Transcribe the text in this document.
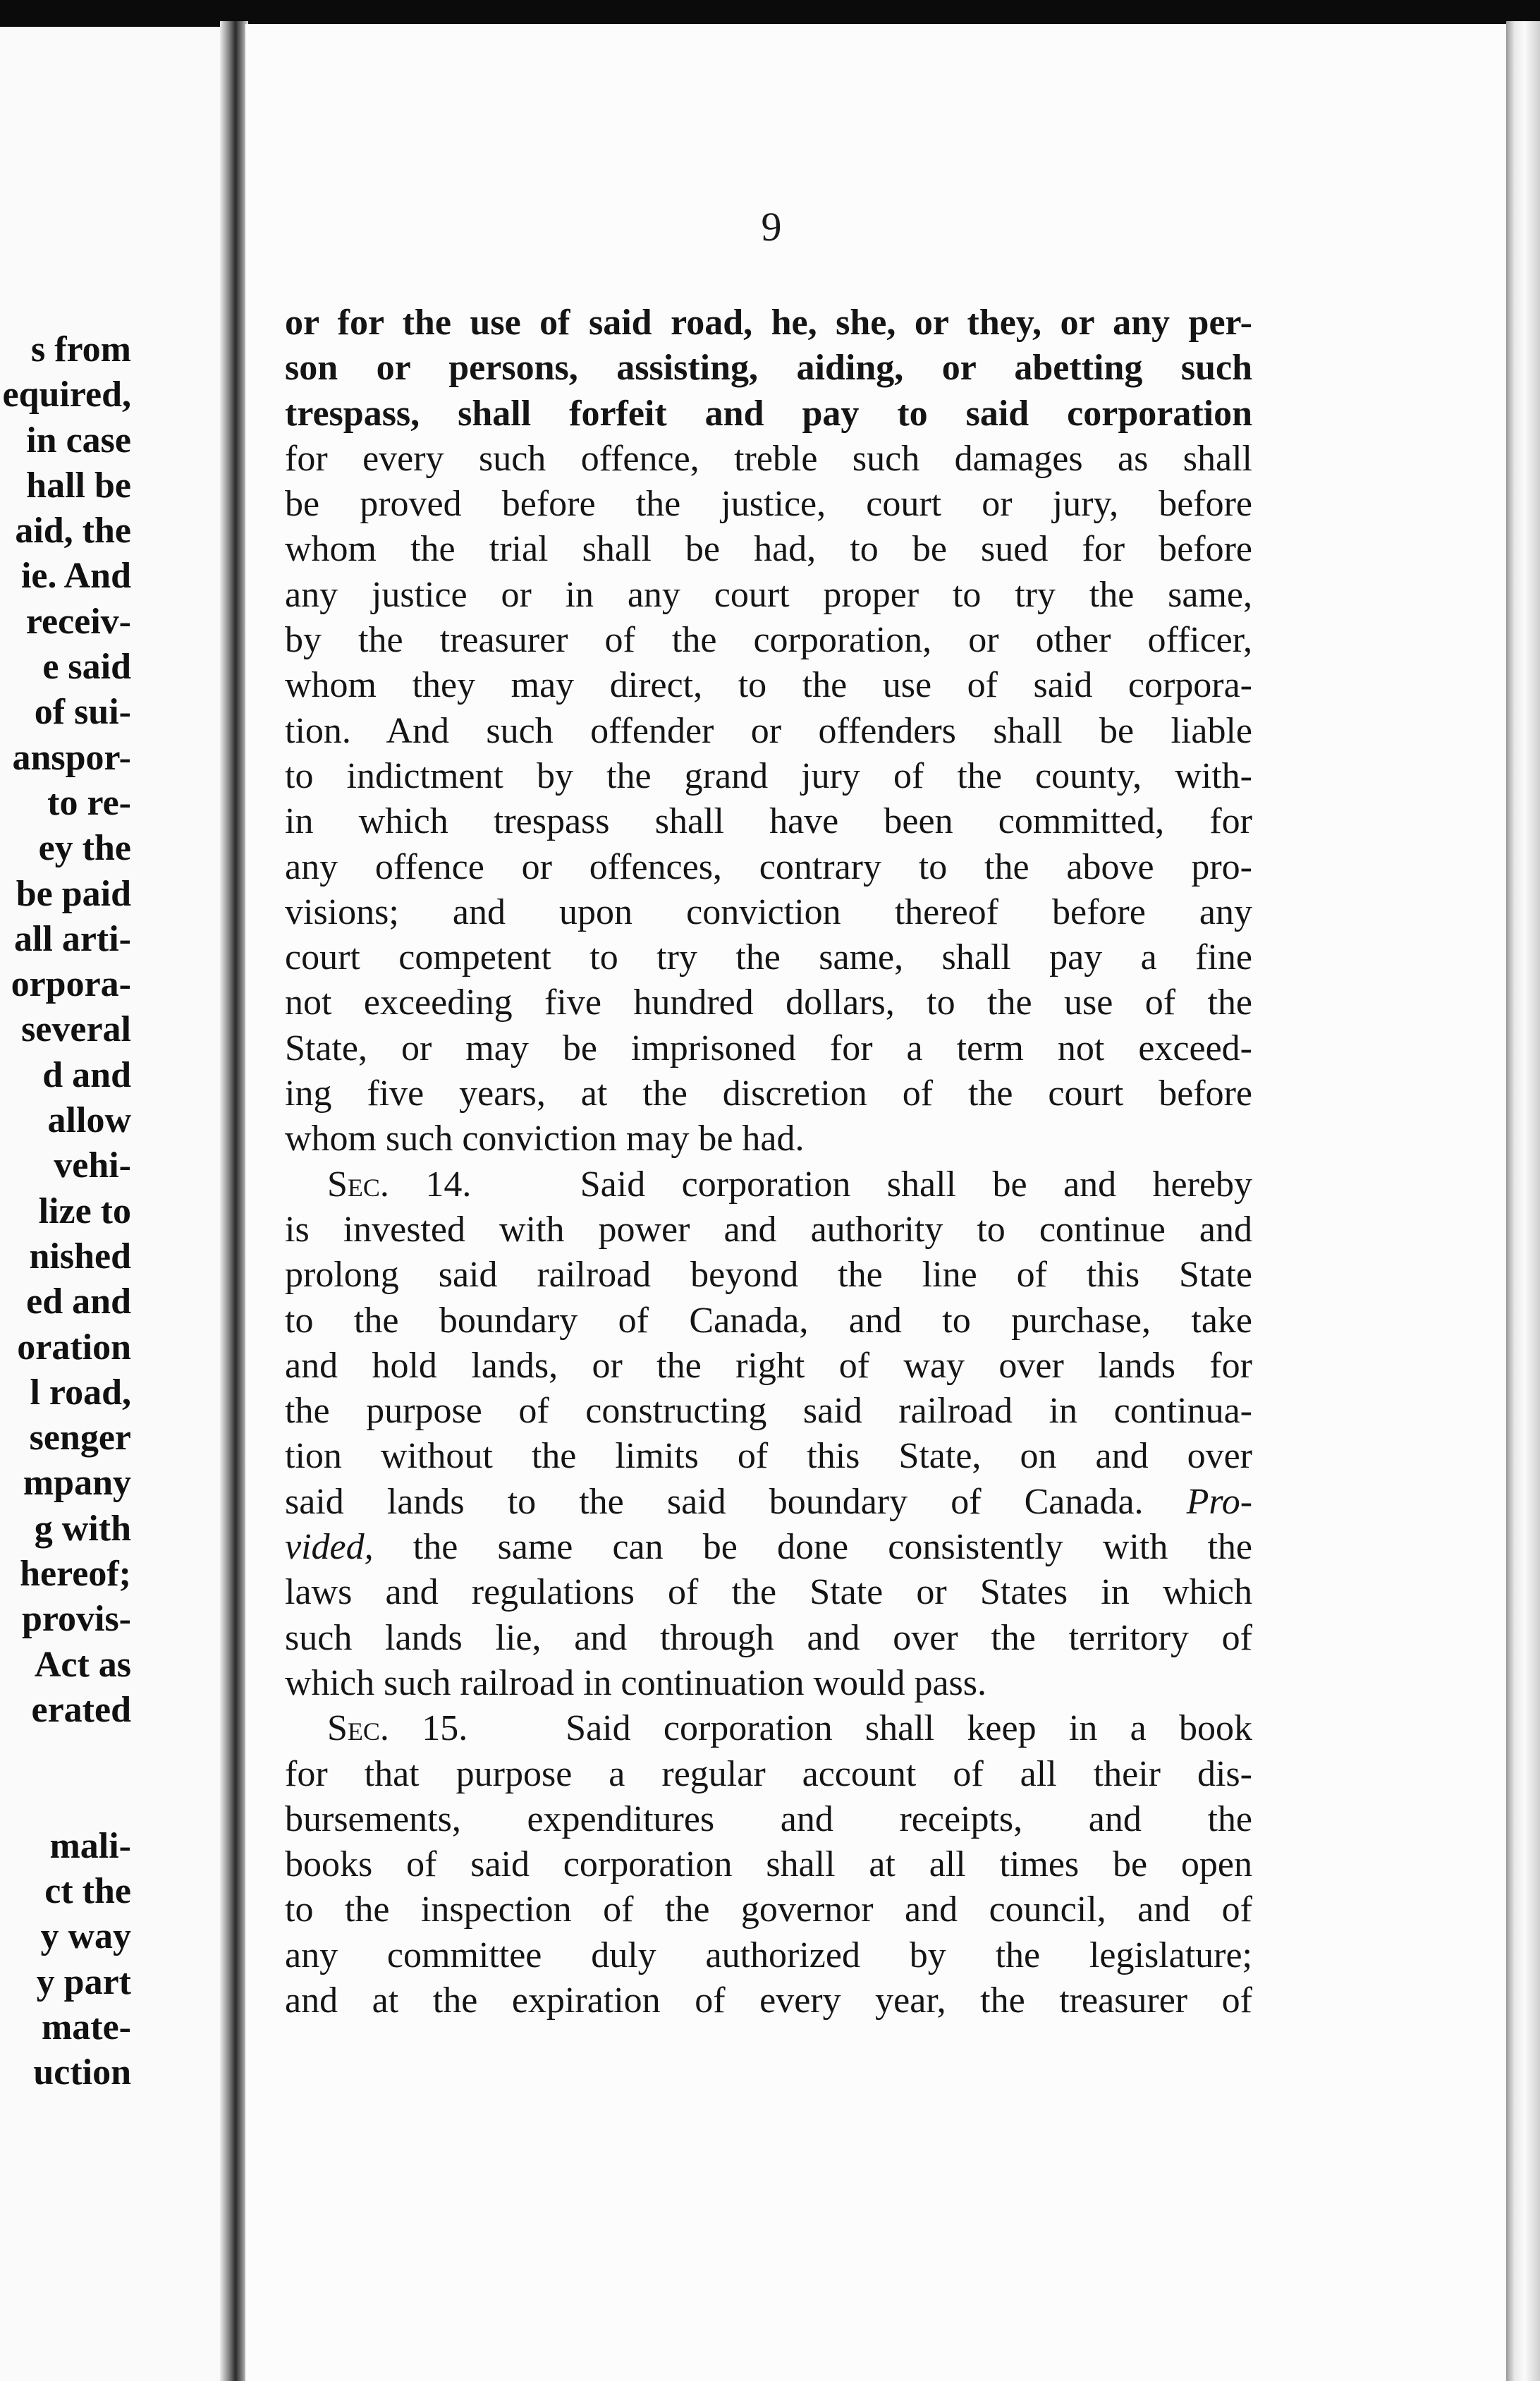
s from
equired,
in case
hall be
aid, the
ie. And
receiv-
e said
of sui-
anspor-
to re-
ey the
be paid
all arti-
orpora-
several
d and
allow
vehi-
lize to
nished
ed and
oration
l road,
senger
mpany
g with
hereof;
provis-
Act as
erated
mali-
ct the
y way
y part
mate-
uction
9
or for the use of said road, he, she, or they, or any per-
son or persons, assisting, aiding, or abetting such
trespass, shall forfeit and pay to said corporation
for every such offence, treble such damages as shall
be proved before the justice, court or jury, before
whom the trial shall be had, to be sued for before
any justice or in any court proper to try the same,
by the treasurer of the corporation, or other officer,
whom they may direct, to the use of said corpora-
tion. And such offender or offenders shall be liable
to indictment by the grand jury of the county, with-
in which trespass shall have been committed, for
any offence or offences, contrary to the above pro-
visions; and upon conviction thereof before any
court competent to try the same, shall pay a fine
not exceeding five hundred dollars, to the use of the
State, or may be imprisoned for a term not exceed-
ing five years, at the discretion of the court before
whom such conviction may be had.
Sec. 14.	Said corporation shall be and hereby
is invested with power and authority to continue and
prolong said railroad beyond the line of this State
to the boundary of Canada, and to purchase, take
and hold lands, or the right of way over lands for
the purpose of constructing said railroad in continua-
tion without the limits of this State, on and over
said lands to the said boundary of Canada. Pro-
vided, the same can be done consistently with the
laws and regulations of the State or States in which
such lands lie, and through and over the territory of
which such railroad in continuation would pass.
Sec. 15.	Said corporation shall keep in a book
for that purpose a regular account of all their dis-
bursements, expenditures and receipts, and the
books of said corporation shall at all times be open
to the inspection of the governor and council, and of
any committee duly authorized by the legislature;
and at the expiration of every year, the treasurer of
